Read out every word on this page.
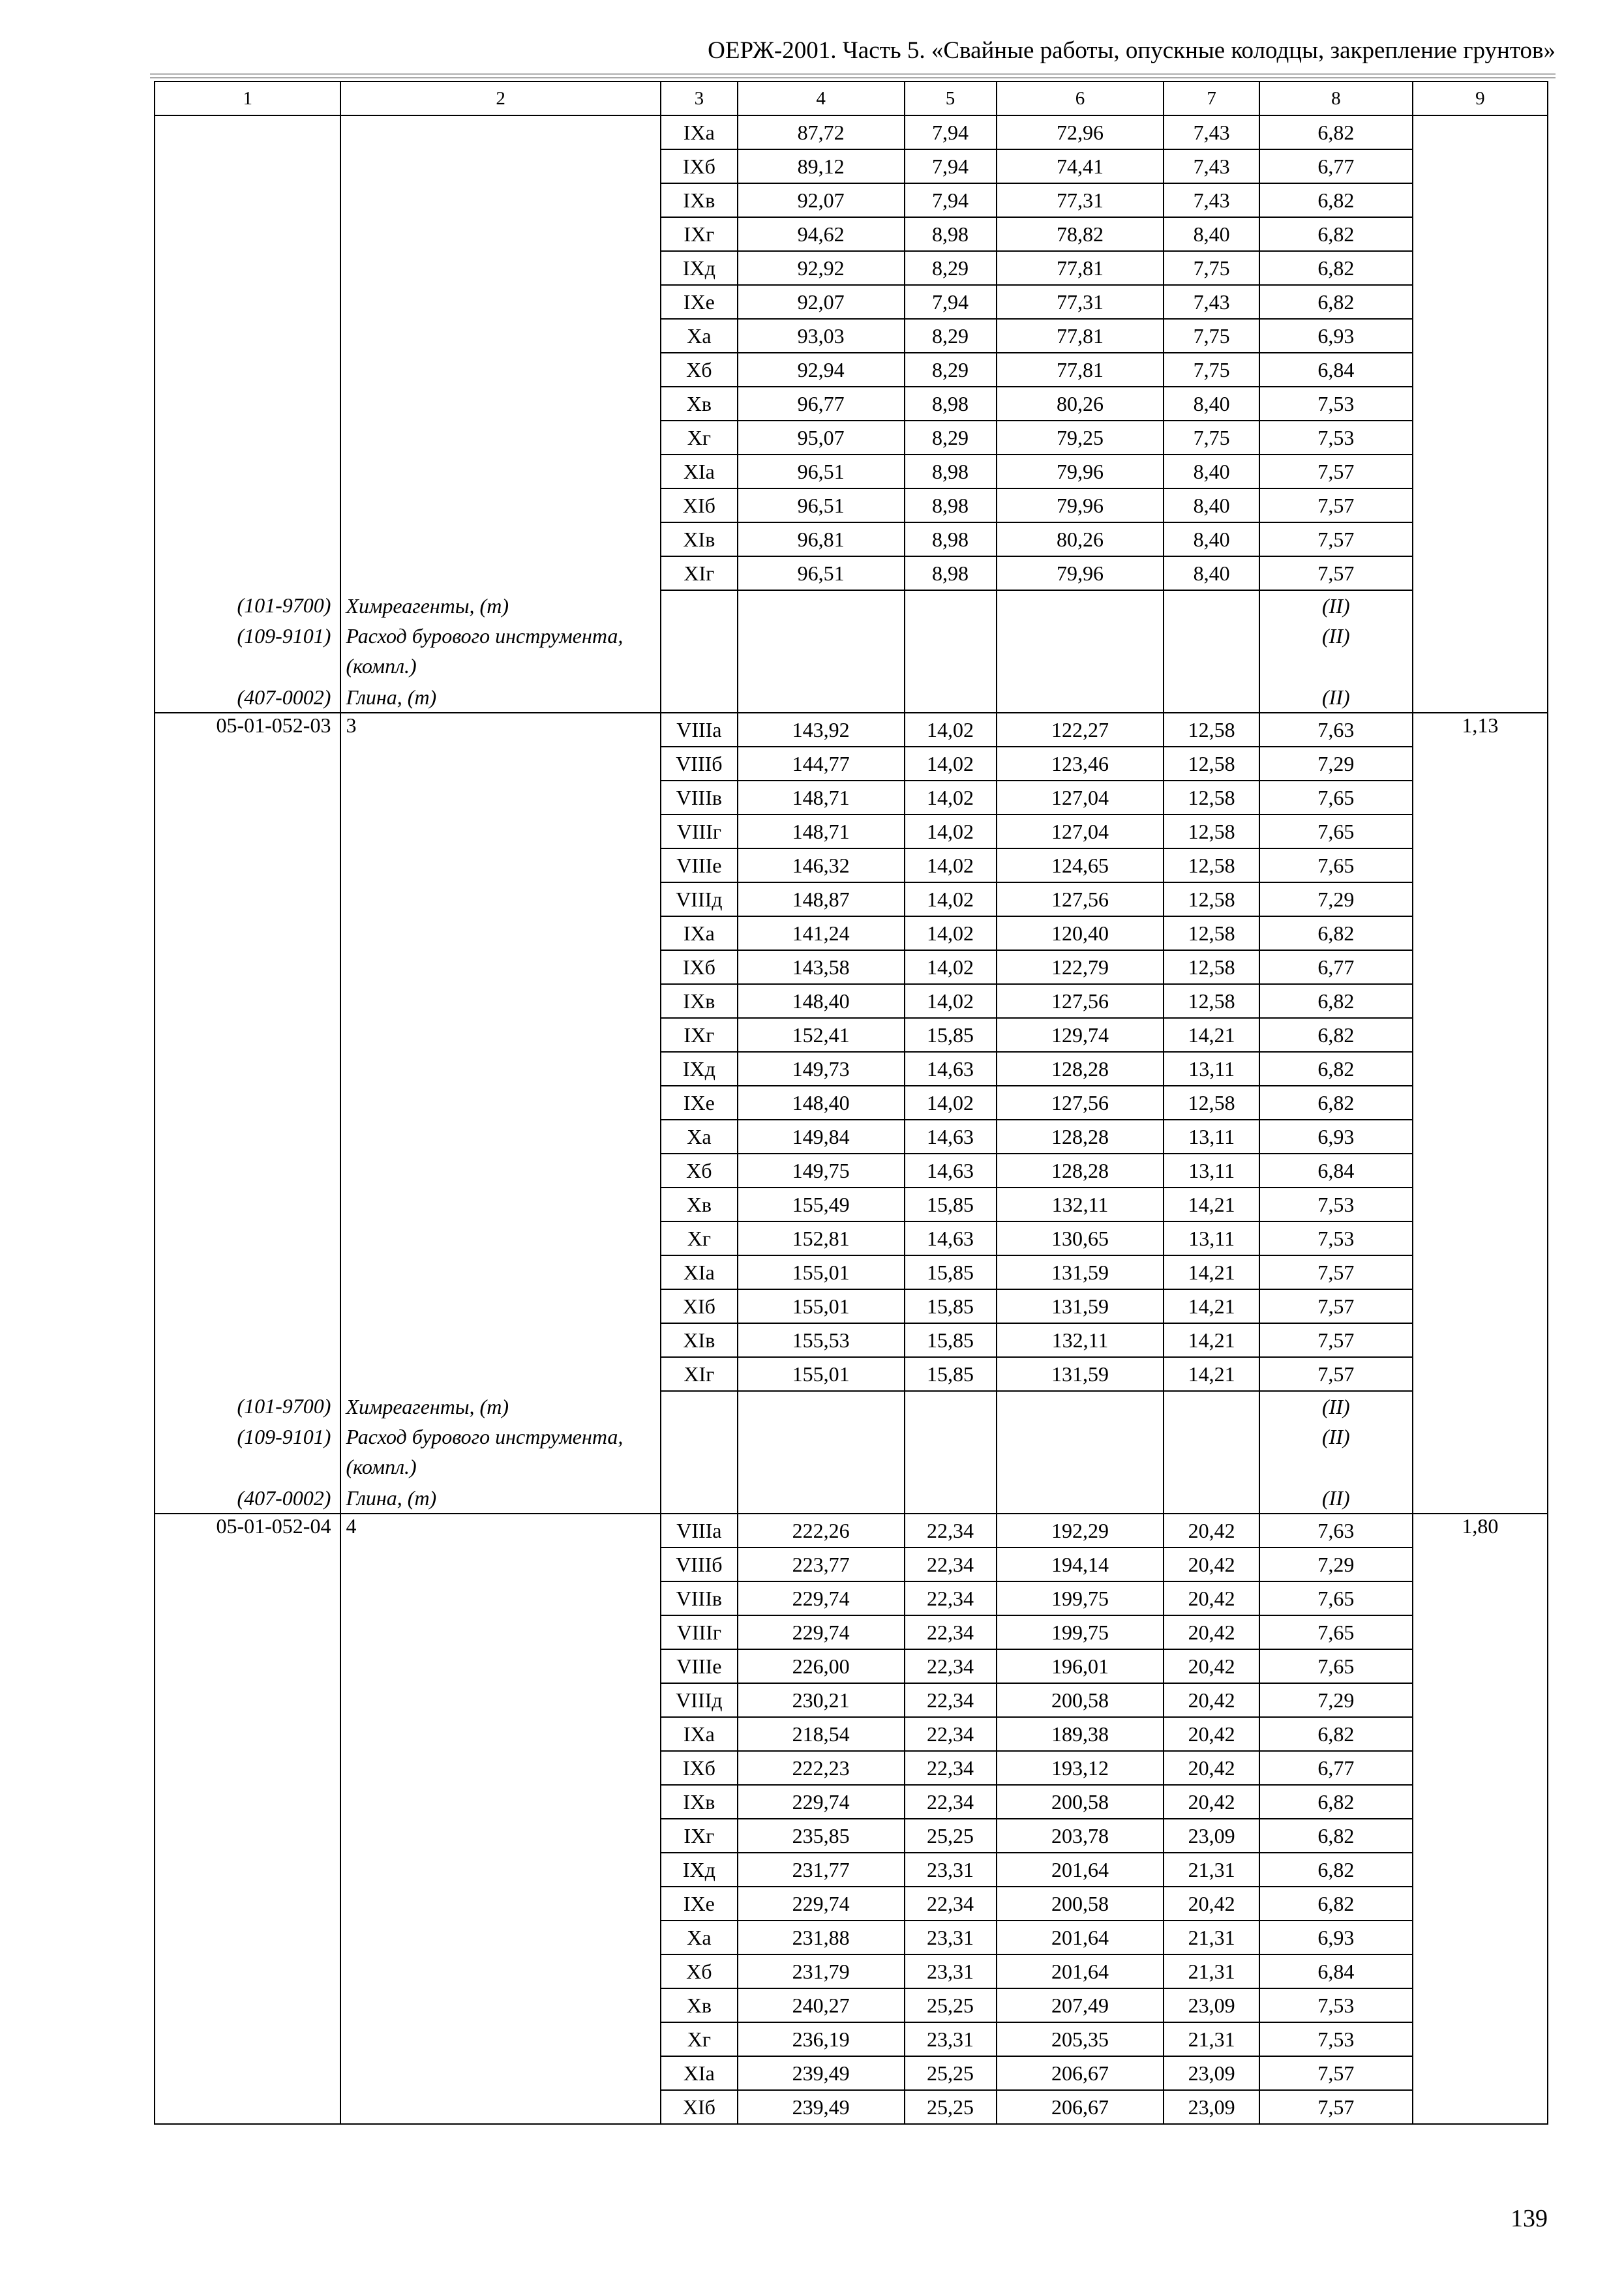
ОЕРЖ-2001. Часть 5. «Свайные работы, опускные колодцы, закрепление грунтов»
1	2	3	4	5	6	7	8	9
		IXа	87,72	7,94	72,96	7,43	6,82	
		IXб	89,12	7,94	74,41	7,43	6,77	
		IXв	92,07	7,94	77,31	7,43	6,82	
		IXг	94,62	8,98	78,82	8,40	6,82	
		IXд	92,92	8,29	77,81	7,75	6,82	
		IXе	92,07	7,94	77,31	7,43	6,82	
		Xа	93,03	8,29	77,81	7,75	6,93	
		Xб	92,94	8,29	77,81	7,75	6,84	
		Xв	96,77	8,98	80,26	8,40	7,53	
		Xг	95,07	8,29	79,25	7,75	7,53	
		XIа	96,51	8,98	79,96	8,40	7,57	
		XIб	96,51	8,98	79,96	8,40	7,57	
		XIв	96,81	8,98	80,26	8,40	7,57	
		XIг	96,51	8,98	79,96	8,40	7,57	
(101-9700)	Химреагенты, (т)						(II)	
(109-9101)	Расход бурового инструмента, (компл.)						(II)	
(407-0002)	Глина, (т)						(II)	
05-01-052-03	3	VIIIа	143,92	14,02	122,27	12,58	7,63	1,13
		VIIIб	144,77	14,02	123,46	12,58	7,29	
		VIIIв	148,71	14,02	127,04	12,58	7,65	
		VIIIг	148,71	14,02	127,04	12,58	7,65	
		VIIIе	146,32	14,02	124,65	12,58	7,65	
		VIIIд	148,87	14,02	127,56	12,58	7,29	
		IXа	141,24	14,02	120,40	12,58	6,82	
		IXб	143,58	14,02	122,79	12,58	6,77	
		IXв	148,40	14,02	127,56	12,58	6,82	
		IXг	152,41	15,85	129,74	14,21	6,82	
		IXд	149,73	14,63	128,28	13,11	6,82	
		IXе	148,40	14,02	127,56	12,58	6,82	
		Xа	149,84	14,63	128,28	13,11	6,93	
		Xб	149,75	14,63	128,28	13,11	6,84	
		Xв	155,49	15,85	132,11	14,21	7,53	
		Xг	152,81	14,63	130,65	13,11	7,53	
		XIа	155,01	15,85	131,59	14,21	7,57	
		XIб	155,01	15,85	131,59	14,21	7,57	
		XIв	155,53	15,85	132,11	14,21	7,57	
		XIг	155,01	15,85	131,59	14,21	7,57	
(101-9700)	Химреагенты, (т)						(II)	
(109-9101)	Расход бурового инструмента, (компл.)						(II)	
(407-0002)	Глина, (т)						(II)	
05-01-052-04	4	VIIIа	222,26	22,34	192,29	20,42	7,63	1,80
		VIIIб	223,77	22,34	194,14	20,42	7,29	
		VIIIв	229,74	22,34	199,75	20,42	7,65	
		VIIIг	229,74	22,34	199,75	20,42	7,65	
		VIIIе	226,00	22,34	196,01	20,42	7,65	
		VIIIд	230,21	22,34	200,58	20,42	7,29	
		IXа	218,54	22,34	189,38	20,42	6,82	
		IXб	222,23	22,34	193,12	20,42	6,77	
		IXв	229,74	22,34	200,58	20,42	6,82	
		IXг	235,85	25,25	203,78	23,09	6,82	
		IXд	231,77	23,31	201,64	21,31	6,82	
		IXе	229,74	22,34	200,58	20,42	6,82	
		Xа	231,88	23,31	201,64	21,31	6,93	
		Xб	231,79	23,31	201,64	21,31	6,84	
		Xв	240,27	25,25	207,49	23,09	7,53	
		Xг	236,19	23,31	205,35	21,31	7,53	
		XIа	239,49	25,25	206,67	23,09	7,57	
		XIб	239,49	25,25	206,67	23,09	7,57	
139
